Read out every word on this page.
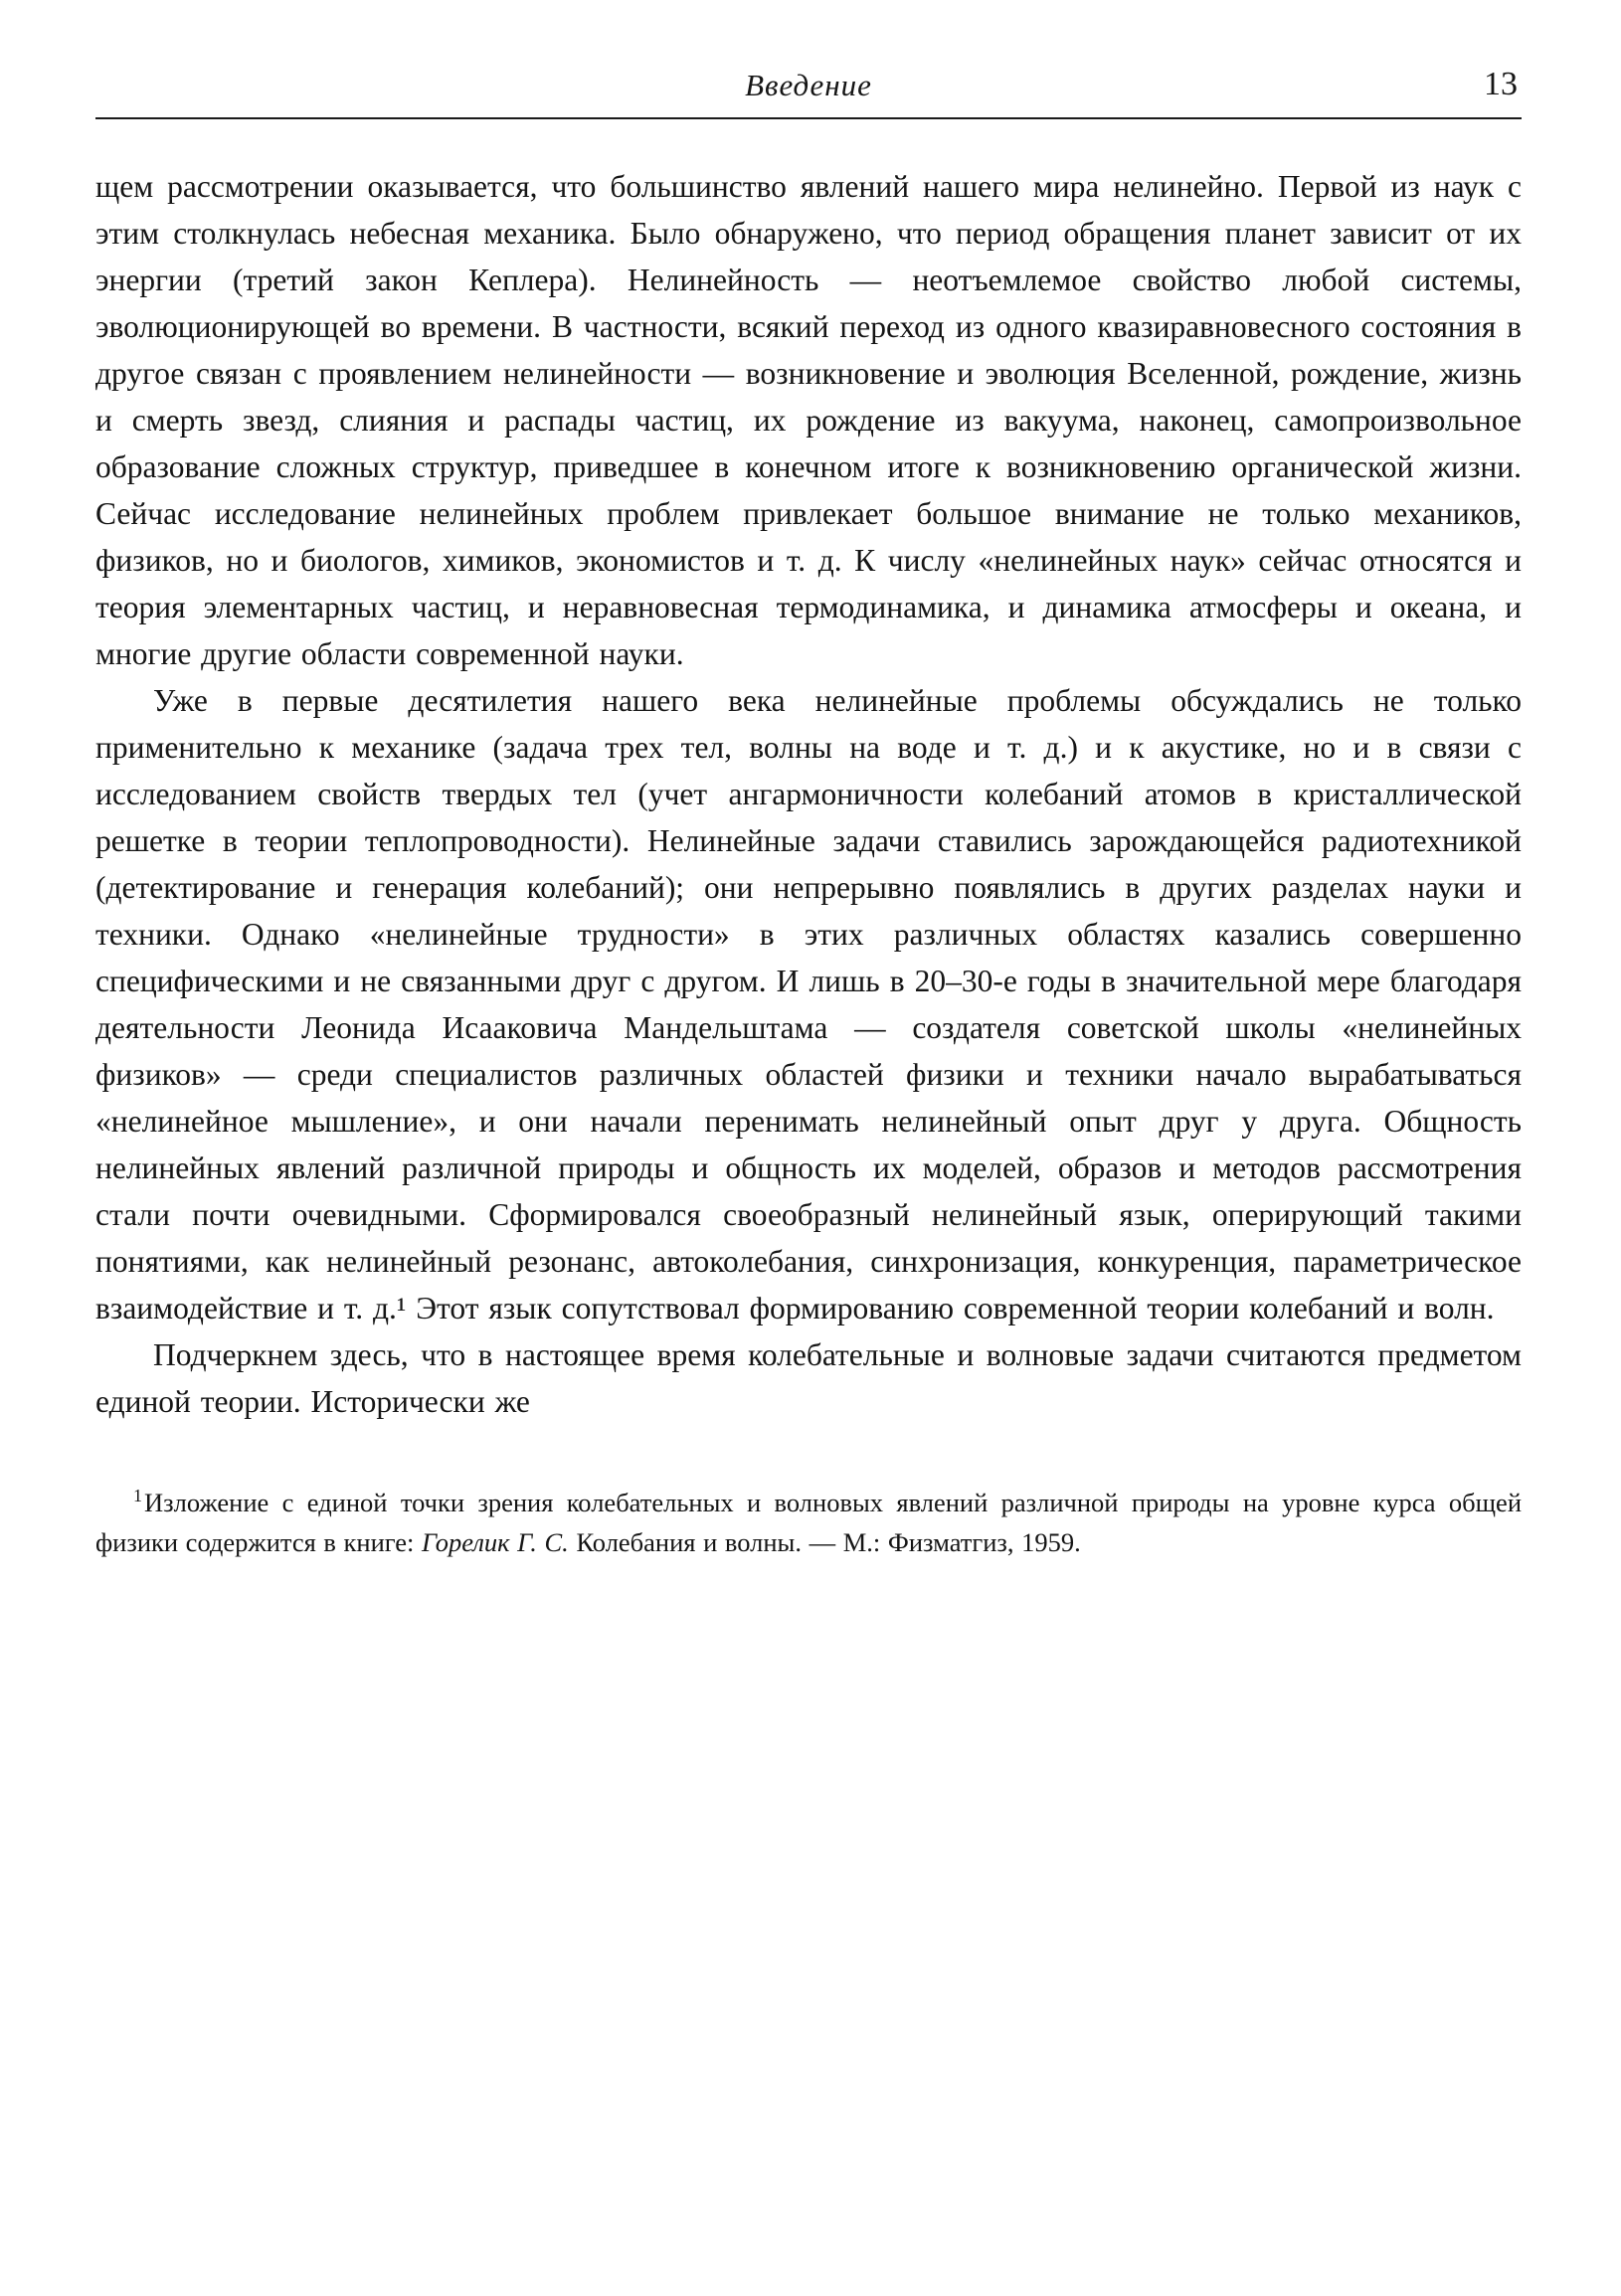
Введение	13

щем рассмотрении оказывается, что большинство явлений нашего мира нелинейно. Первой из наук с этим столкнулась небесная механика. Было обнаружено, что период обращения планет зависит от их энергии (третий закон Кеплера). Нелинейность — неотъемлемое свойство любой системы, эволюционирующей во времени. В частности, всякий переход из одного квазиравновесного состояния в другое связан с проявлением нелинейности — возникновение и эволюция Вселенной, рождение, жизнь и смерть звезд, слияния и распады частиц, их рождение из вакуума, наконец, самопроизвольное образование сложных структур, приведшее в конечном итоге к возникновению органической жизни. Сейчас исследование нелинейных проблем привлекает большое внимание не только механиков, физиков, но и биологов, химиков, экономистов и т. д. К числу «нелинейных наук» сейчас относятся и теория элементарных частиц, и неравновесная термодинамика, и динамика атмосферы и океана, и многие другие области современной науки.

Уже в первые десятилетия нашего века нелинейные проблемы обсуждались не только применительно к механике (задача трех тел, волны на воде и т. д.) и к акустике, но и в связи с исследованием свойств твердых тел (учет ангармоничности колебаний атомов в кристаллической решетке в теории теплопроводности). Нелинейные задачи ставились зарождающейся радиотехникой (детектирование и генерация колебаний); они непрерывно появлялись в других разделах науки и техники. Однако «нелинейные трудности» в этих различных областях казались совершенно специфическими и не связанными друг с другом. И лишь в 20–30-е годы в значительной мере благодаря деятельности Леонида Исааковича Мандельштама — создателя советской школы «нелинейных физиков» — среди специалистов различных областей физики и техники начало вырабатываться «нелинейное мышление», и они начали перенимать нелинейный опыт друг у друга. Общность нелинейных явлений различной природы и общность их моделей, образов и методов рассмотрения стали почти очевидными. Сформировался своеобразный нелинейный язык, оперирующий такими понятиями, как нелинейный резонанс, автоколебания, синхронизация, конкуренция, параметрическое взаимодействие и т. д.¹ Этот язык сопутствовал формированию современной теории колебаний и волн.

Подчеркнем здесь, что в настоящее время колебательные и волновые задачи считаются предметом единой теории. Исторически же

$^1$Изложение с единой точки зрения колебательных и волновых явлений различной природы на уровне курса общей физики содержится в книге: Горелик Г. С. Колебания и волны. — М.: Физматгиз, 1959.
